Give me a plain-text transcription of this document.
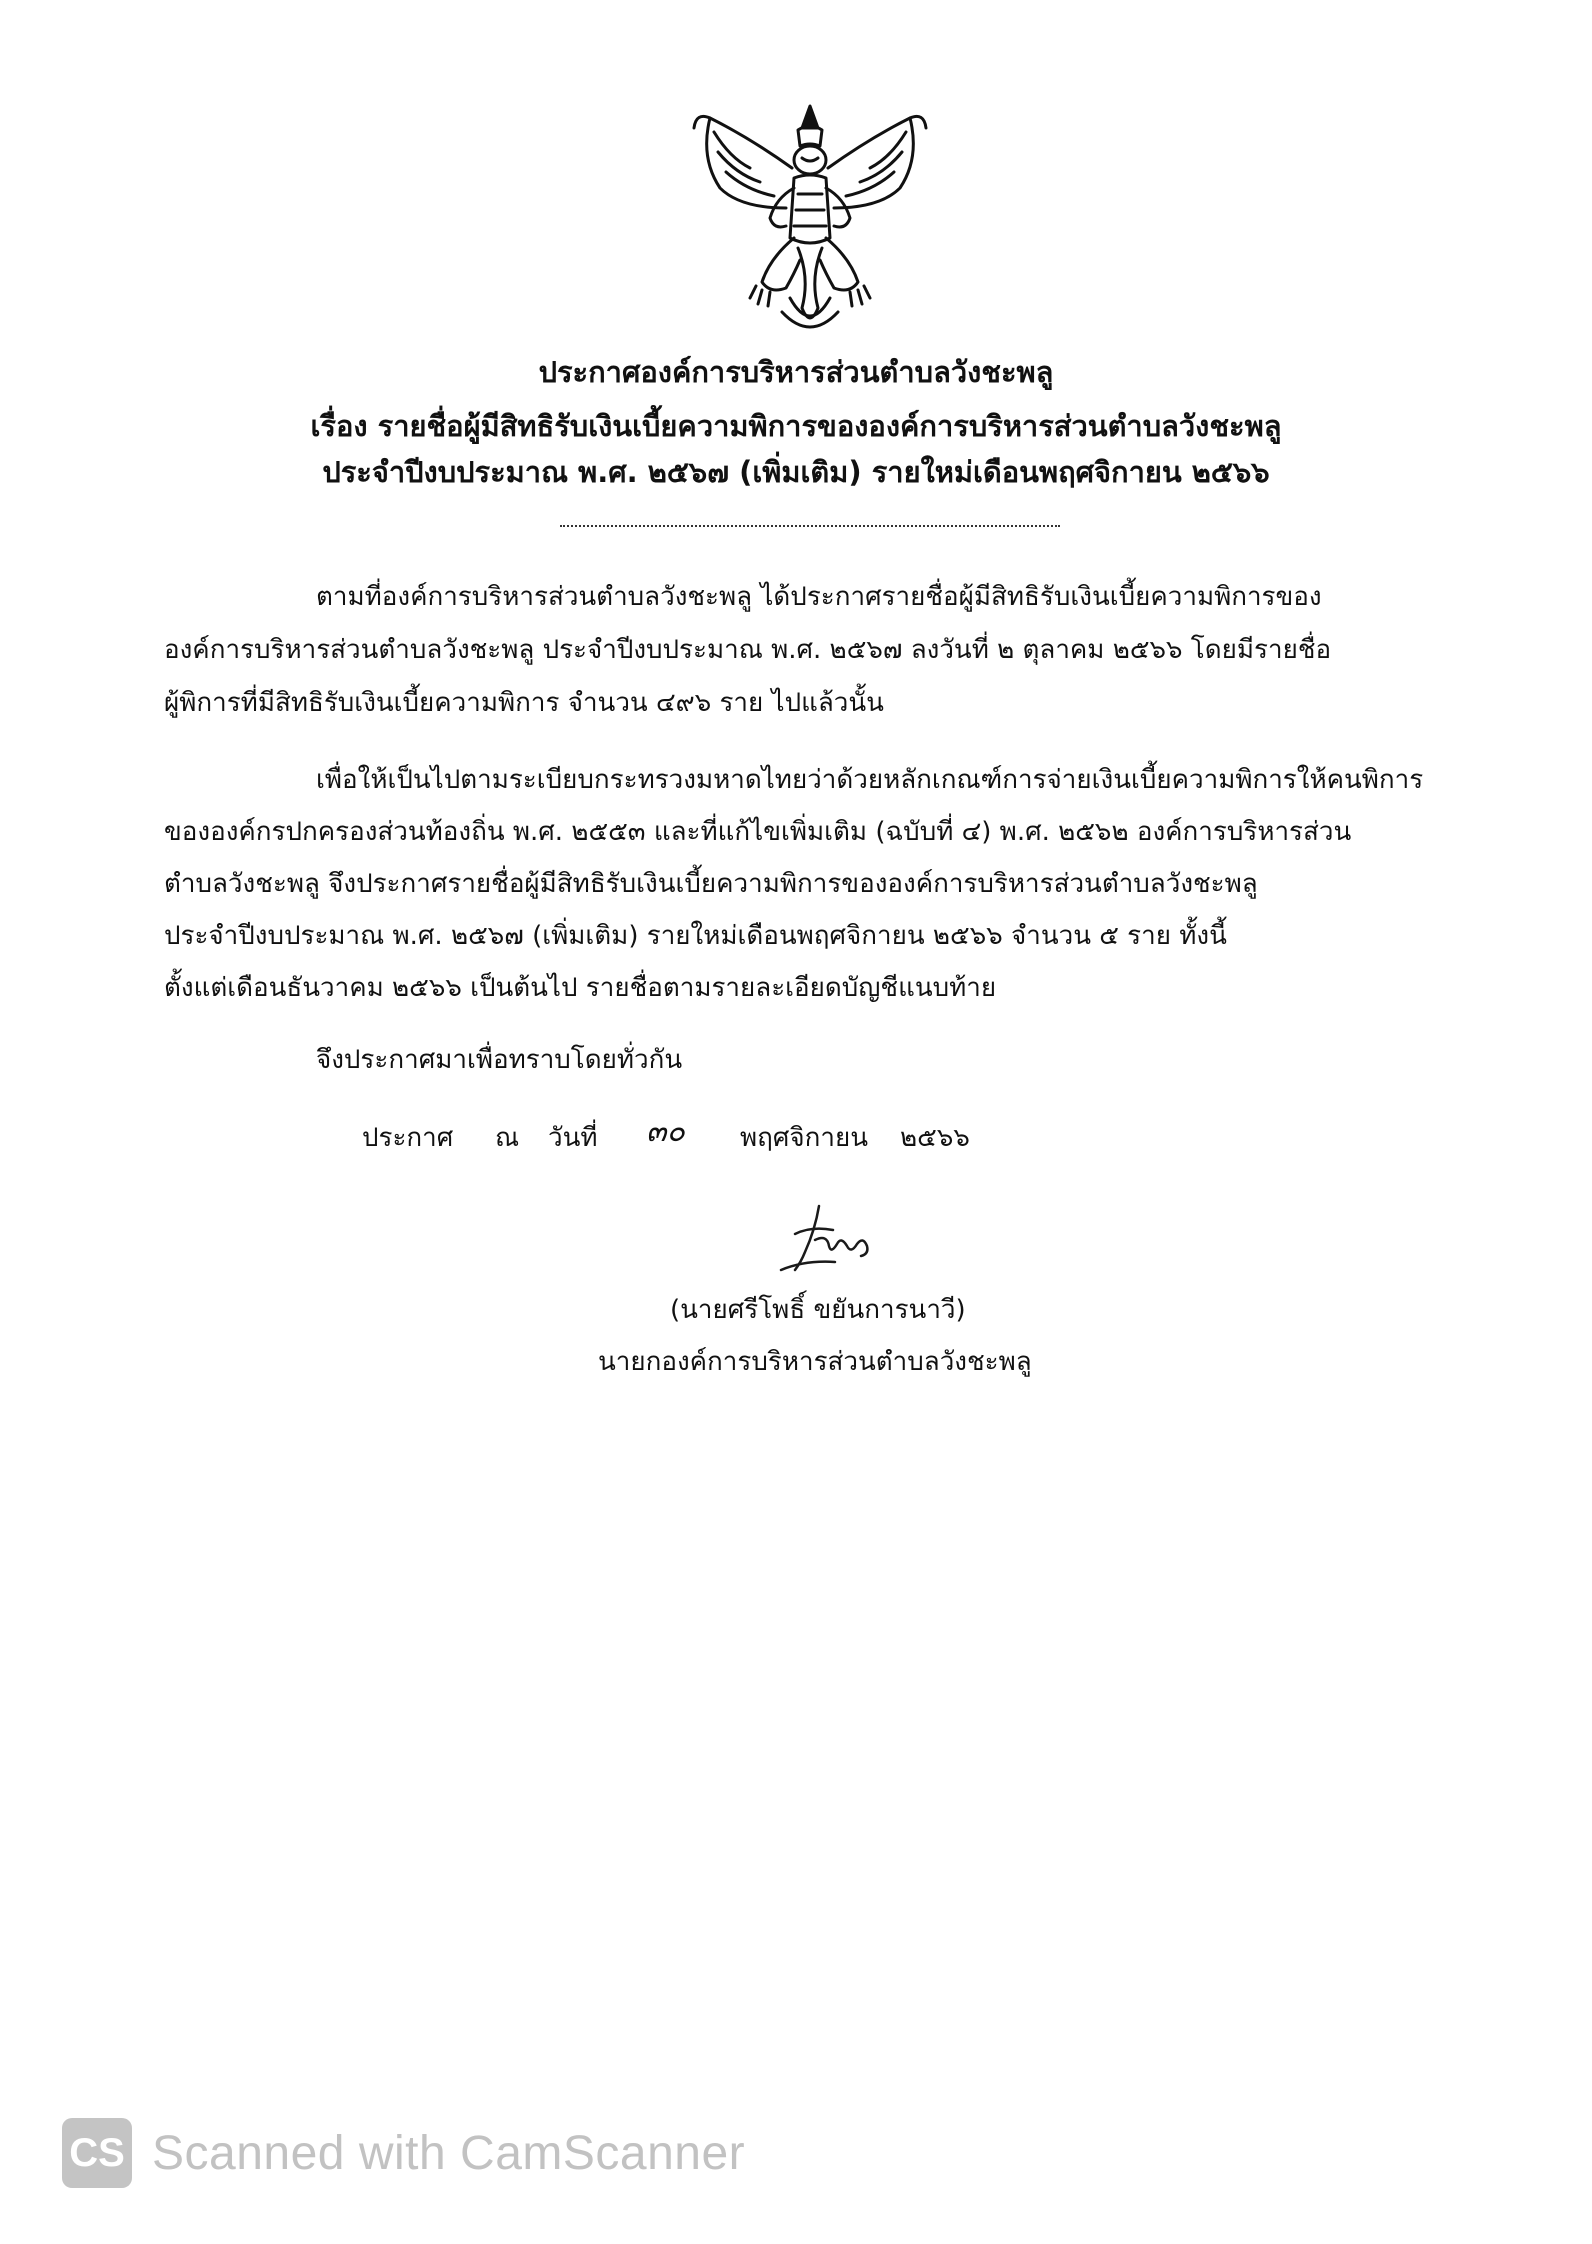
ประกาศองค์การบริหารส่วนตำบลวังชะพลู
เรื่อง รายชื่อผู้มีสิทธิรับเงินเบี้ยความพิการขององค์การบริหารส่วนตำบลวังชะพลู
ประจำปีงบประมาณ พ.ศ. ๒๕๖๗ (เพิ่มเติม) รายใหม่เดือนพฤศจิกายน ๒๕๖๖
ตามที่องค์การบริหารส่วนตำบลวังชะพลู ได้ประกาศรายชื่อผู้มีสิทธิรับเงินเบี้ยความพิการของ
องค์การบริหารส่วนตำบลวังชะพลู ประจำปีงบประมาณ พ.ศ. ๒๕๖๗ ลงวันที่ ๒ ตุลาคม ๒๕๖๖ โดยมีรายชื่อ
ผู้พิการที่มีสิทธิรับเงินเบี้ยความพิการ จำนวน ๔๙๖ ราย ไปแล้วนั้น
เพื่อให้เป็นไปตามระเบียบกระทรวงมหาดไทยว่าด้วยหลักเกณฑ์การจ่ายเงินเบี้ยความพิการให้คนพิการ
ขององค์กรปกครองส่วนท้องถิ่น พ.ศ. ๒๕๕๓ และที่แก้ไขเพิ่มเติม (ฉบับที่ ๔) พ.ศ. ๒๕๖๒ องค์การบริหารส่วน
ตำบลวังชะพลู จึงประกาศรายชื่อผู้มีสิทธิรับเงินเบี้ยความพิการขององค์การบริหารส่วนตำบลวังชะพลู
ประจำปีงบประมาณ พ.ศ. ๒๕๖๗ (เพิ่มเติม) รายใหม่เดือนพฤศจิกายน ๒๕๖๖ จำนวน ๕ ราย ทั้งนี้
ตั้งแต่เดือนธันวาคม ๒๕๖๖ เป็นต้นไป รายชื่อตามรายละเอียดบัญชีแนบท้าย
จึงประกาศมาเพื่อทราบโดยทั่วกัน
ประกาศ ณ วันที่ ๓๐ พฤศจิกายน ๒๕๖๖
(นายศรีโพธิ์ ขยันการนาวี)
นายกองค์การบริหารส่วนตำบลวังชะพลู
CS Scanned with CamScanner
